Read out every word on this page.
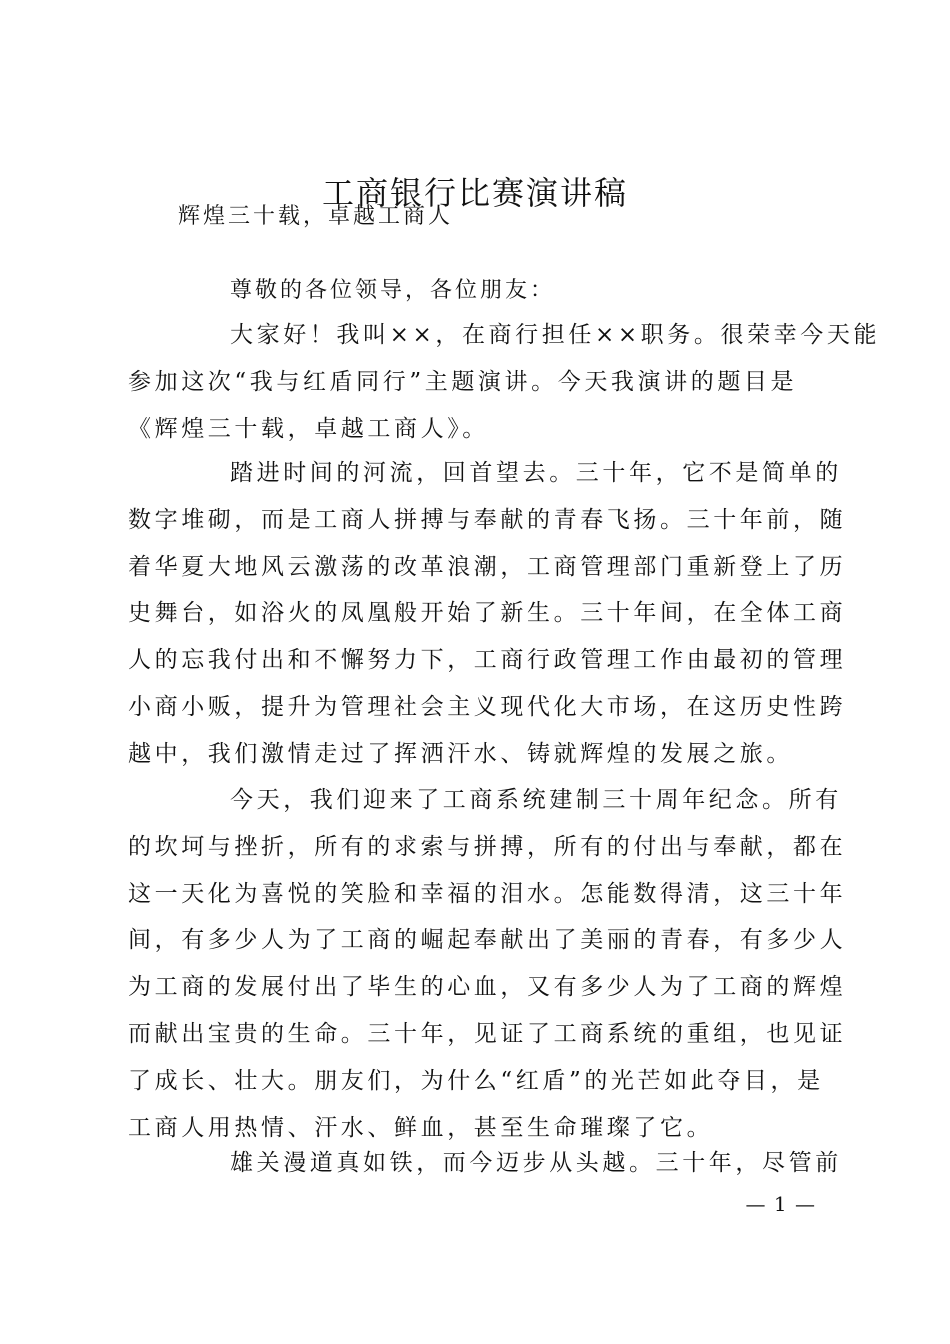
工商银行比赛演讲稿
辉煌三十载，卓越工商人
尊敬的各位领导，各位朋友：
大家好！我叫××，在商行担任××职务。很荣幸今天能
参加这次“我与红盾同行”主题演讲。今天我演讲的题目是
《辉煌三十载，卓越工商人》。
踏进时间的河流，回首望去。三十年，它不是简单的
数字堆砌，而是工商人拼搏与奉献的青春飞扬。三十年前，随
着华夏大地风云激荡的改革浪潮，工商管理部门重新登上了历
史舞台，如浴火的凤凰般开始了新生。三十年间，在全体工商
人的忘我付出和不懈努力下，工商行政管理工作由最初的管理
小商小贩，提升为管理社会主义现代化大市场，在这历史性跨
越中，我们激情走过了挥洒汗水、铸就辉煌的发展之旅。
今天，我们迎来了工商系统建制三十周年纪念。所有
的坎坷与挫折，所有的求索与拼搏，所有的付出与奉献，都在
这一天化为喜悦的笑脸和幸福的泪水。怎能数得清，这三十年
间，有多少人为了工商的崛起奉献出了美丽的青春，有多少人
为工商的发展付出了毕生的心血，又有多少人为了工商的辉煌
而献出宝贵的生命。三十年，见证了工商系统的重组，也见证
了成长、壮大。朋友们，为什么“红盾”的光芒如此夺目，是
工商人用热情、汗水、鲜血，甚至生命璀璨了它。
雄关漫道真如铁，而今迈步从头越。三十年，尽管前
— 1 —
